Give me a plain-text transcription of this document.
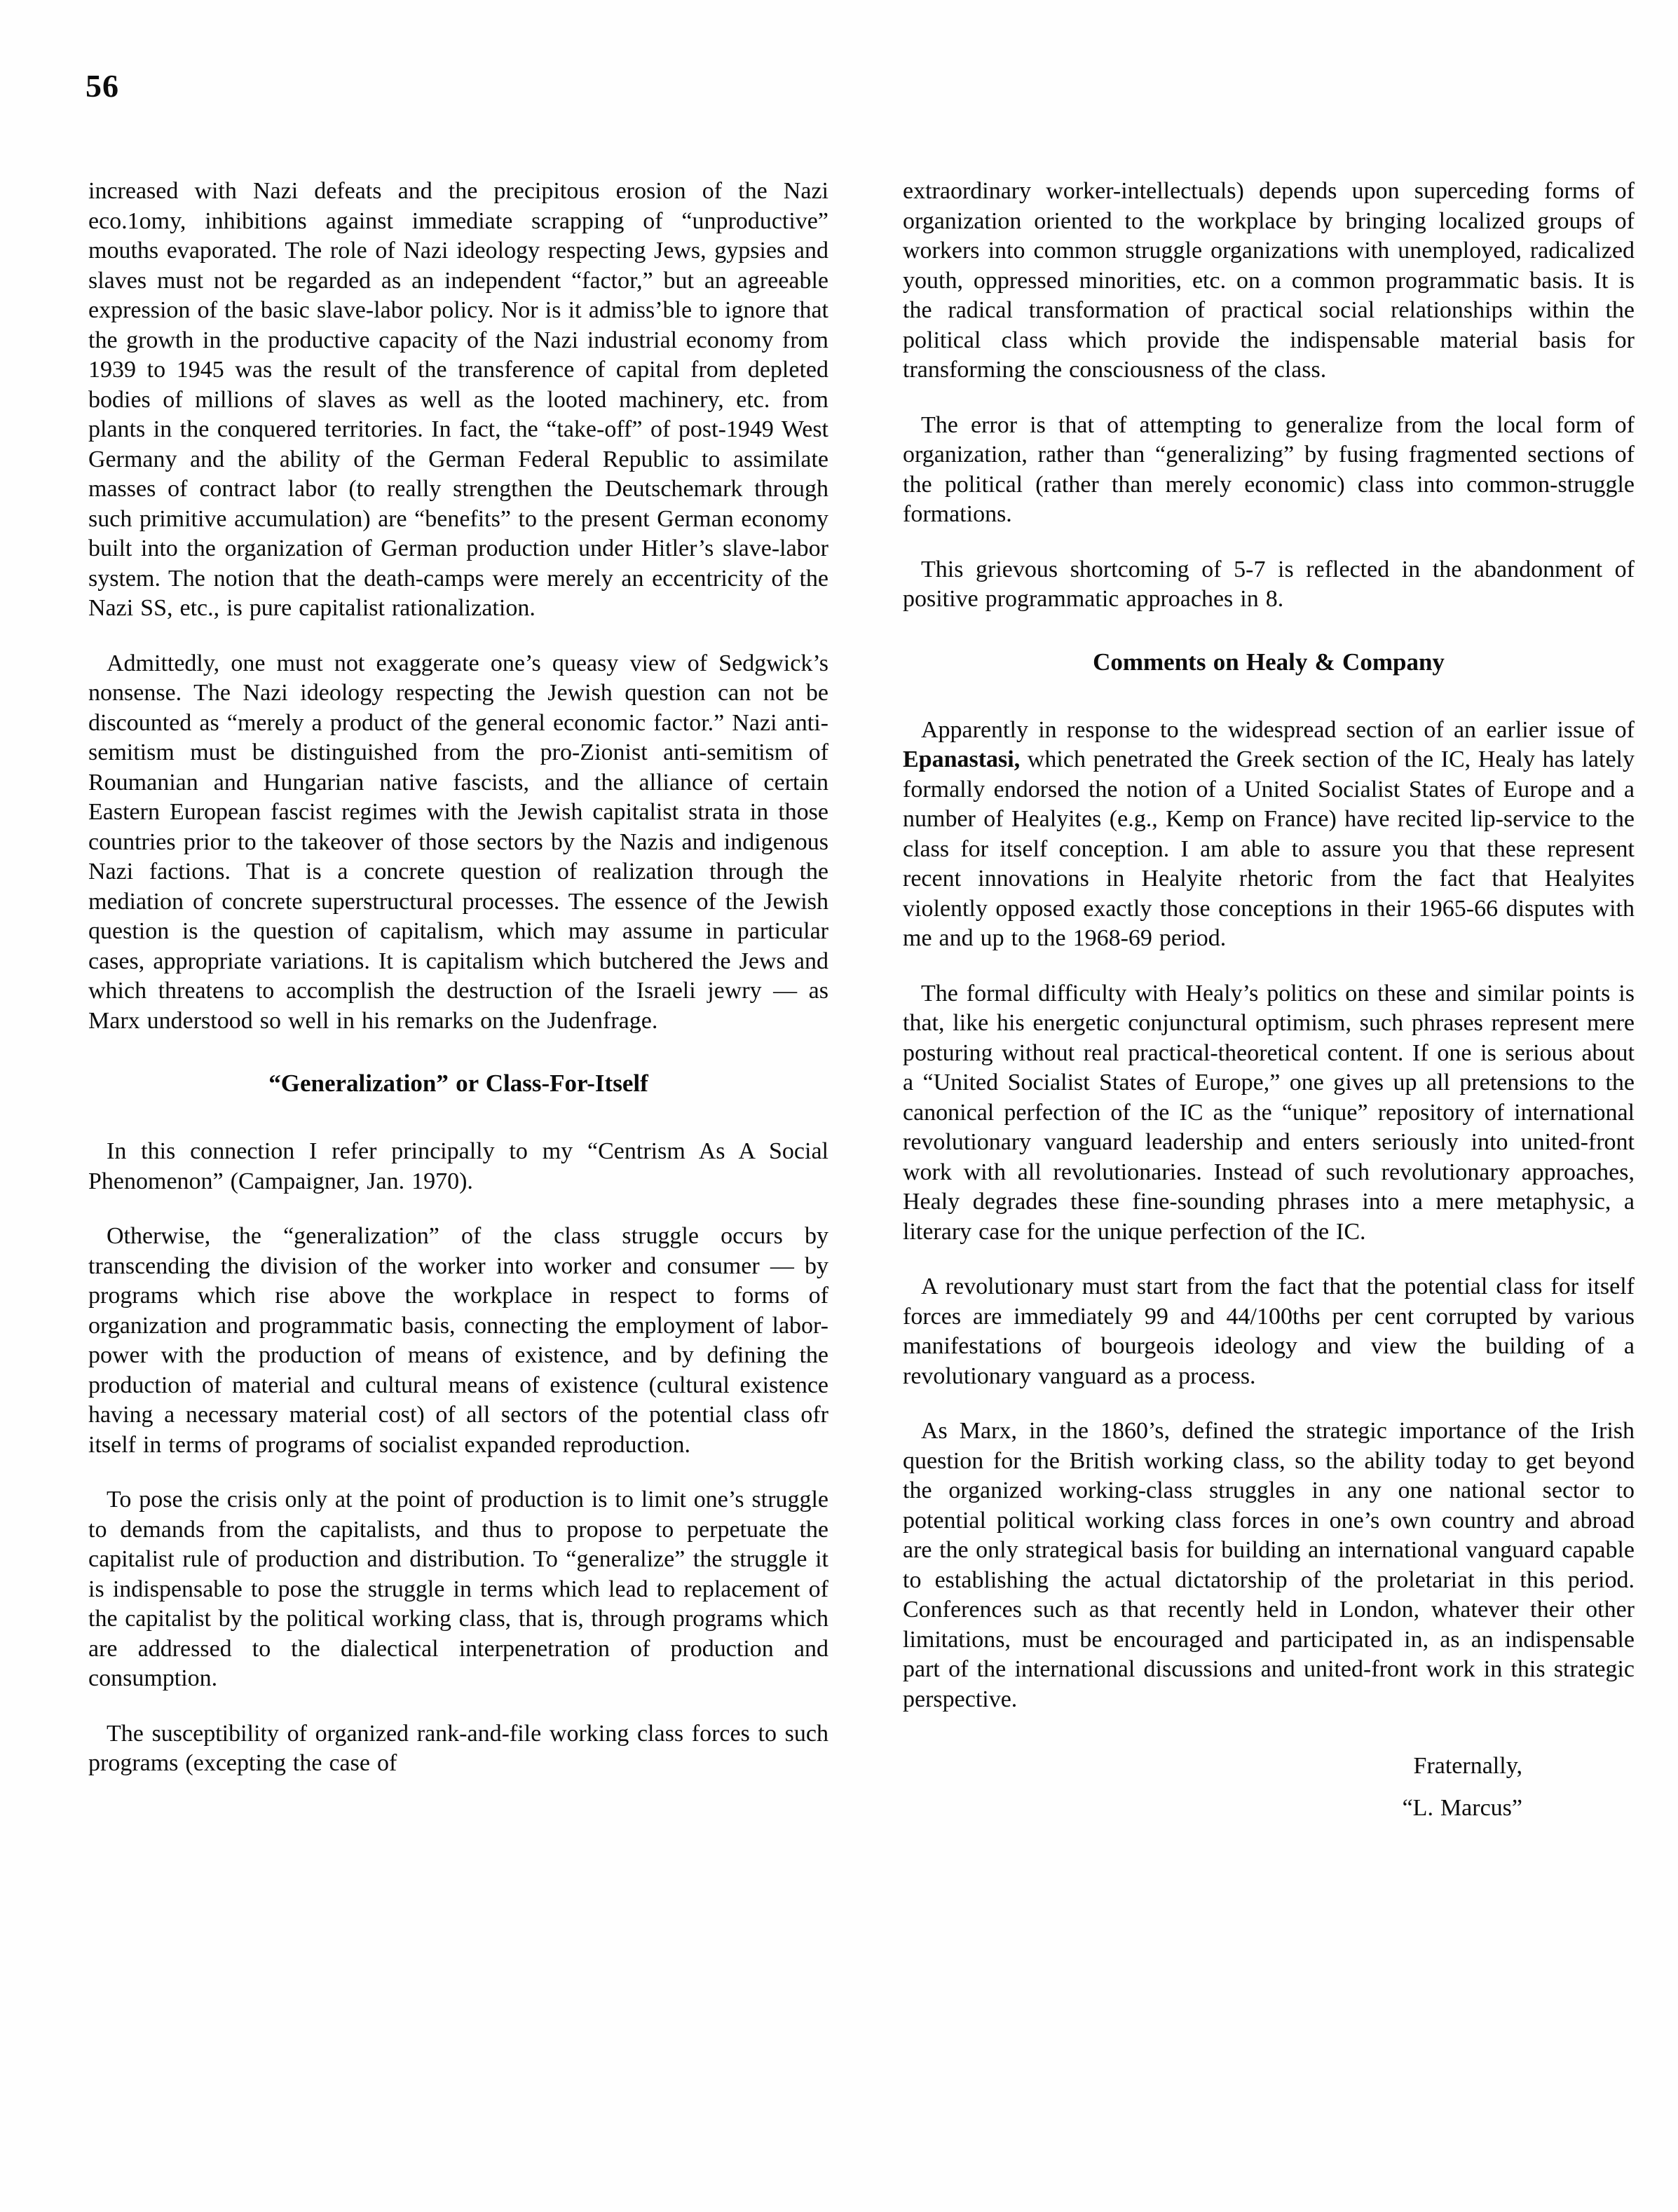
56

increased with Nazi defeats and the precipitous erosion of the Nazi eco.1omy, inhibitions against immediate scrapping of “unproductive” mouths evaporated. The role of Nazi ideology respecting Jews, gypsies and slaves must not be regarded as an independent “factor,” but an agreeable expression of the basic slave-labor policy. Nor is it admiss’ble to ignore that the growth in the productive capacity of the Nazi industrial economy from 1939 to 1945 was the result of the transference of capital from depleted bodies of millions of slaves as well as the looted machinery, etc. from plants in the conquered territories. In fact, the “take-off” of post-1949 West Germany and the ability of the German Federal Republic to assimilate masses of contract labor (to really strengthen the Deutschemark through such primitive accumulation) are “benefits” to the present German economy built into the organization of German production under Hitler’s slave-labor system. The notion that the death-camps were merely an eccentricity of the Nazi SS, etc., is pure capitalist rationalization.

Admittedly, one must not exaggerate one’s queasy view of Sedgwick’s nonsense. The Nazi ideology respecting the Jewish question can not be discounted as “merely a product of the general economic factor.” Nazi anti-semitism must be distinguished from the pro-Zionist anti-semitism of Roumanian and Hungarian native fascists, and the alliance of certain Eastern European fascist regimes with the Jewish capitalist strata in those countries prior to the takeover of those sectors by the Nazis and indigenous Nazi factions. That is a concrete question of realization through the mediation of concrete superstructural processes. The essence of the Jewish question is the question of capitalism, which may assume in particular cases, appropriate variations. It is capitalism which butchered the Jews and which threatens to accomplish the destruction of the Israeli jewry — as Marx understood so well in his remarks on the Judenfrage.

“Generalization” or Class-For-Itself

In this connection I refer principally to my “Centrism As A Social Phenomenon” (Campaigner, Jan. 1970).

Otherwise, the “generalization” of the class struggle occurs by transcending the division of the worker into worker and consumer — by programs which rise above the workplace in respect to forms of organization and programmatic basis, connecting the employment of labor-power with the production of means of existence, and by defining the production of material and cultural means of existence (cultural existence having a necessary material cost) of all sectors of the potential class ofr itself in terms of programs of socialist expanded reproduction.

To pose the crisis only at the point of production is to limit one’s struggle to demands from the capitalists, and thus to propose to perpetuate the capitalist rule of production and distribution. To “generalize” the struggle it is indispensable to pose the struggle in terms which lead to replacement of the capitalist by the political working class, that is, through programs which are addressed to the dialectical interpenetration of production and consumption.

The susceptibility of organized rank-and-file working class forces to such programs (excepting the case of

extraordinary worker-intellectuals) depends upon superceding forms of organization oriented to the workplace by bringing localized groups of workers into common struggle organizations with unemployed, radicalized youth, oppressed minorities, etc. on a common programmatic basis. It is the radical transformation of practical social relationships within the political class which provide the indispensable material basis for transforming the consciousness of the class.

The error is that of attempting to generalize from the local form of organization, rather than “generalizing” by fusing fragmented sections of the political (rather than merely economic) class into common-struggle formations.

This grievous shortcoming of 5-7 is reflected in the abandonment of positive programmatic approaches in 8.

Comments on Healy & Company

Apparently in response to the widespread section of an earlier issue of Epanastasi, which penetrated the Greek section of the IC, Healy has lately formally endorsed the notion of a United Socialist States of Europe and a number of Healyites (e.g., Kemp on France) have recited lip-service to the class for itself conception. I am able to assure you that these represent recent innovations in Healyite rhetoric from the fact that Healyites violently opposed exactly those conceptions in their 1965-66 disputes with me and up to the 1968-69 period.

The formal difficulty with Healy’s politics on these and similar points is that, like his energetic conjunctural optimism, such phrases represent mere posturing without real practical-theoretical content. If one is serious about a “United Socialist States of Europe,” one gives up all pretensions to the canonical perfection of the IC as the “unique” repository of international revolutionary vanguard leadership and enters seriously into united-front work with all revolutionaries. Instead of such revolutionary approaches, Healy degrades these fine-sounding phrases into a mere metaphysic, a literary case for the unique perfection of the IC.

A revolutionary must start from the fact that the potential class for itself forces are immediately 99 and 44/100ths per cent corrupted by various manifestations of bourgeois ideology and view the building of a revolutionary vanguard as a process.

As Marx, in the 1860’s, defined the strategic importance of the Irish question for the British working class, so the ability today to get beyond the organized working-class struggles in any one national sector to potential political working class forces in one’s own country and abroad are the only strategical basis for building an international vanguard capable to establishing the actual dictatorship of the proletariat in this period. Conferences such as that recently held in London, whatever their other limitations, must be encouraged and participated in, as an indispensable part of the international discussions and united-front work in this strategic perspective.

Fraternally,
“L. Marcus”
